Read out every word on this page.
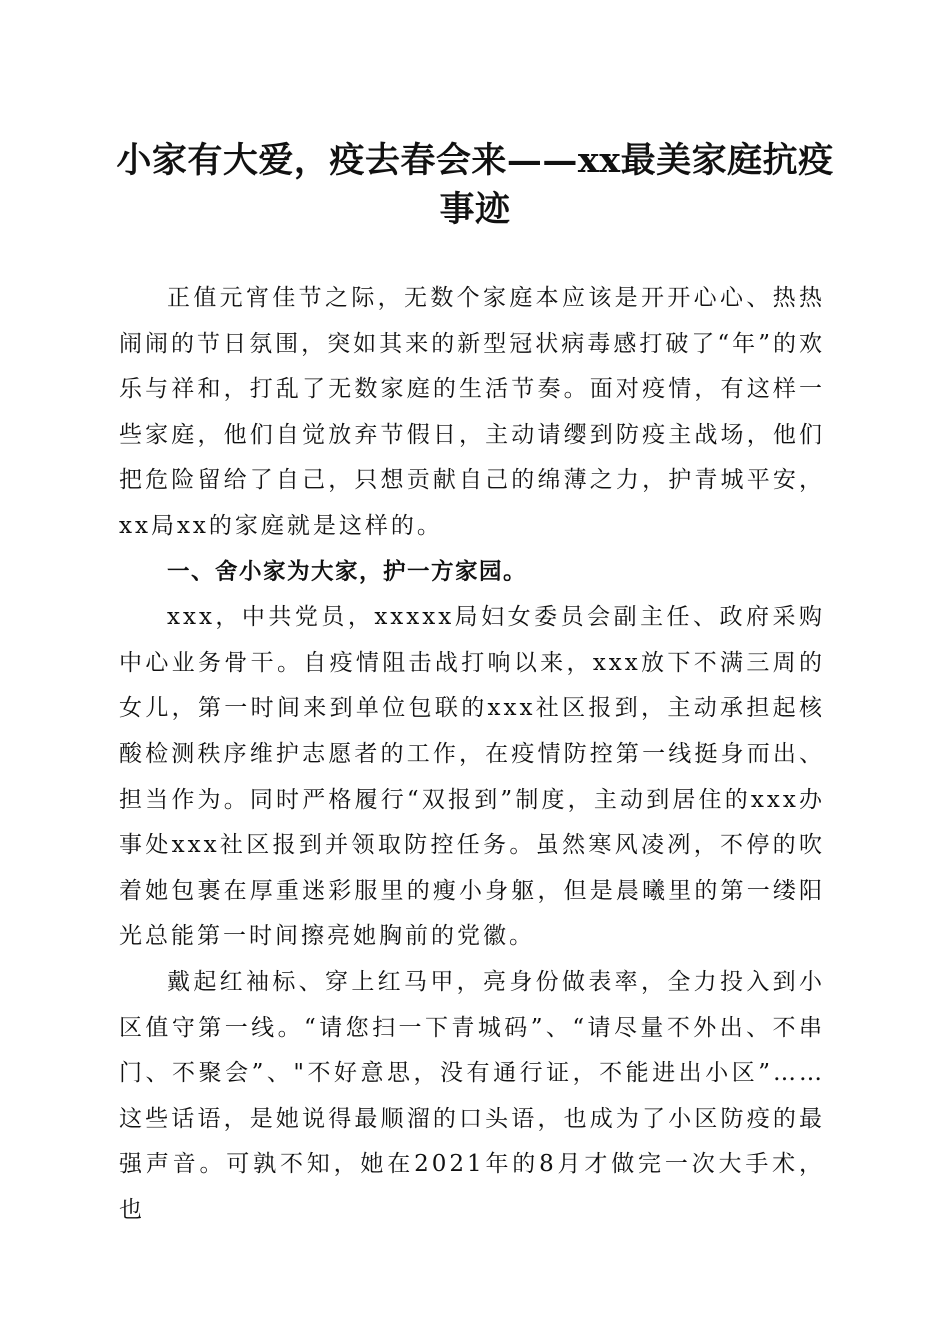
小家有大爱，疫去春会来——xx最美家庭抗疫事迹

正值元宵佳节之际，无数个家庭本应该是开开心心、热热闹闹的节日氛围，突如其来的新型冠状病毒感打破了“年”的欢乐与祥和，打乱了无数家庭的生活节奏。面对疫情，有这样一些家庭，他们自觉放弃节假日，主动请缨到防疫主战场，他们把危险留给了自己，只想贡献自己的绵薄之力，护青城平安，xx局xx的家庭就是这样的。

一、舍小家为大家，护一方家园。

xxx，中共党员，xxxxx局妇女委员会副主任、政府采购中心业务骨干。自疫情阻击战打响以来，xxx放下不满三周的女儿，第一时间来到单位包联的xxx社区报到，主动承担起核酸检测秩序维护志愿者的工作，在疫情防控第一线挺身而出、担当作为。同时严格履行“双报到”制度，主动到居住的xxx办事处xxx社区报到并领取防控任务。虽然寒风凌冽，不停的吹着她包裹在厚重迷彩服里的瘦小身躯，但是晨曦里的第一缕阳光总能第一时间擦亮她胸前的党徽。

戴起红袖标、穿上红马甲，亮身份做表率，全力投入到小区值守第一线。“请您扫一下青城码”、“请尽量不外出、不串门、不聚会”、"不好意思，没有通行证，不能进出小区”……这些话语，是她说得最顺溜的口头语，也成为了小区防疫的最强声音。可孰不知，她在2021年的8月才做完一次大手术，也
